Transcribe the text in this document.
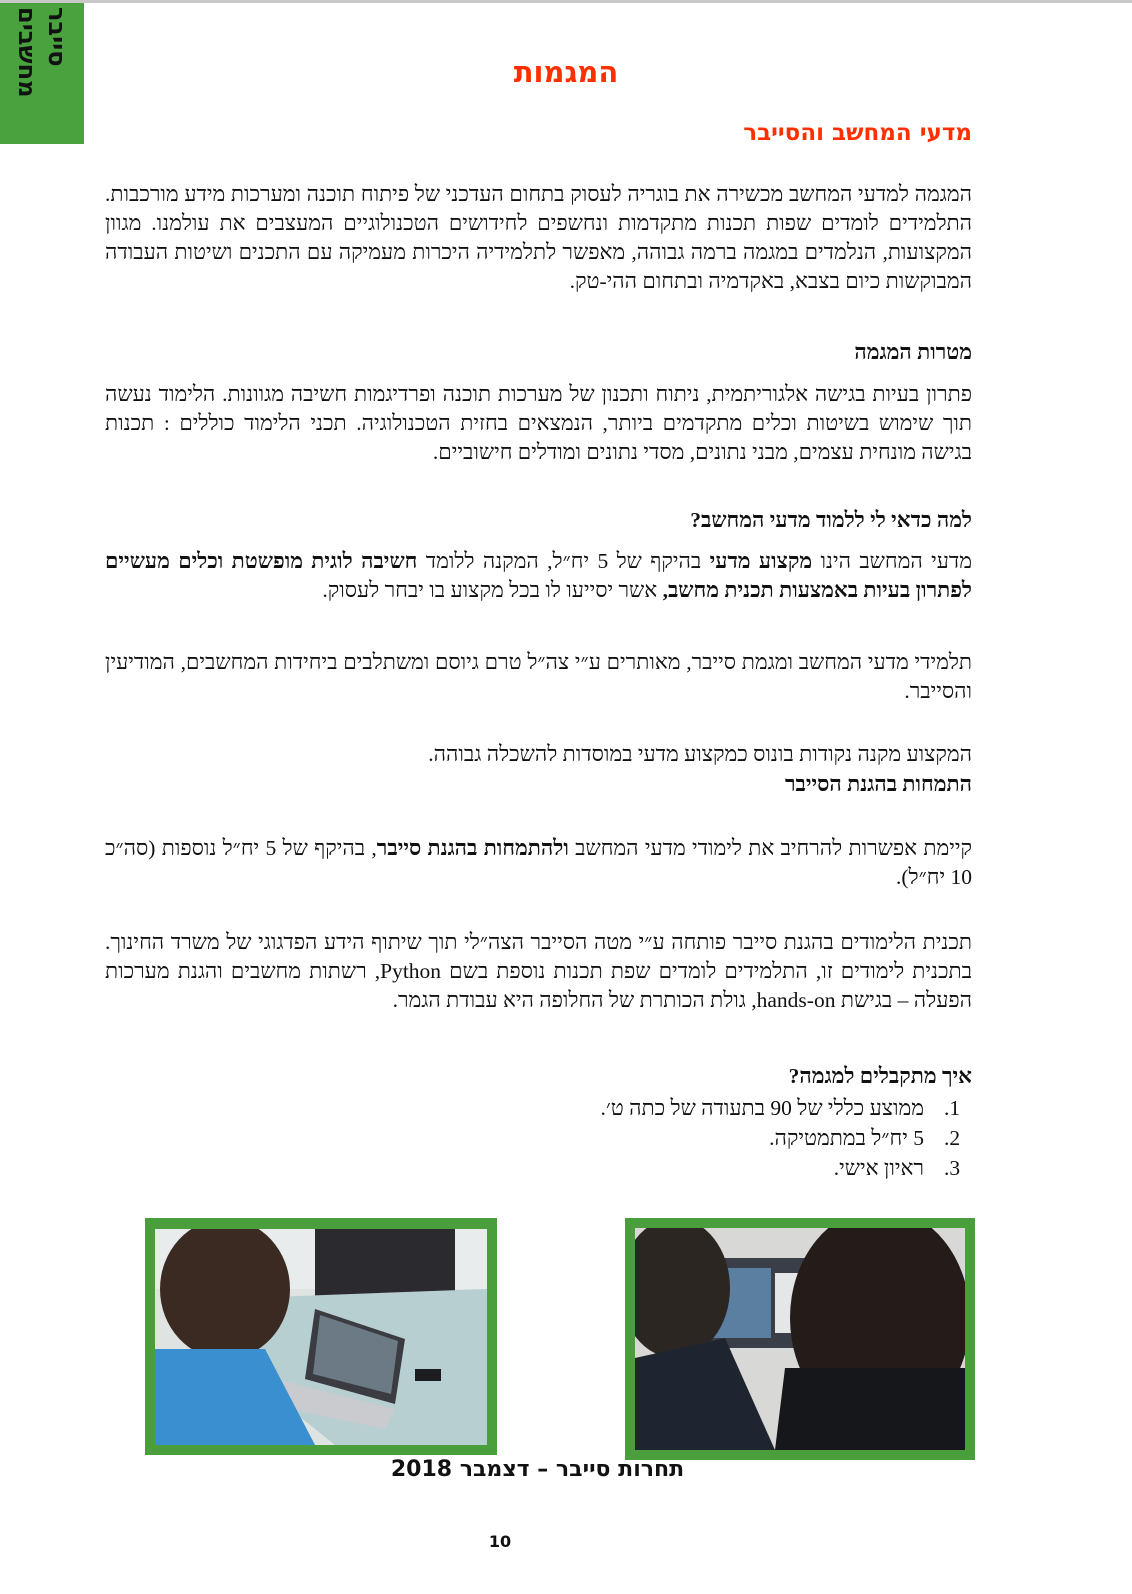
מחשבים סייבר
המגמות
מדעי המחשב והסייבר
המגמה למדעי המחשב מכשירה את בוגריה לעסוק בתחום העדכני של פיתוח תוכנה ומערכות מידע מורכבות. התלמידים לומדים שפות תכנות מתקדמות ונחשפים לחידושים הטכנולוגיים המעצבים את עולמנו. מגוון המקצועות, הנלמדים במגמה ברמה גבוהה, מאפשר לתלמידיה היכרות מעמיקה עם התכנים ושיטות העבודה המבוקשות כיום בצבא, באקדמיה ובתחום ההי-טק.
מטרות המגמה
פתרון בעיות בגישה אלגוריתמית, ניתוח ותכנון של מערכות תוכנה ופרדיגמות חשיבה מגוונות. הלימוד נעשה תוך שימוש בשיטות וכלים מתקדמים ביותר, הנמצאים בחזית הטכנולוגיה. תכני הלימוד כוללים : תכנות בגישה מונחית עצמים, מבני נתונים, מסדי נתונים ומודלים חישוביים.
למה כדאי לי ללמוד מדעי המחשב?
מדעי המחשב הינו מקצוע מדעי בהיקף של 5 יח״ל, המקנה ללומד חשיבה לוגית מופשטת וכלים מעשיים לפתרון בעיות באמצעות תכנית מחשב, אשר יסייעו לו בכל מקצוע בו יבחר לעסוק.
תלמידי מדעי המחשב ומגמת סייבר, מאותרים ע״י צה״ל טרם גיוסם ומשתלבים ביחידות המחשבים, המודיעין והסייבר.
המקצוע מקנה נקודות בונוס כמקצוע מדעי במוסדות להשכלה גבוהה.
התמחות בהגנת הסייבר
קיימת אפשרות להרחיב את לימודי מדעי המחשב ולהתמחות בהגנת סייבר, בהיקף של 5 יח״ל נוספות (סה״כ 10 יח״ל).
תכנית הלימודים בהגנת סייבר פותחה ע״י מטה הסייבר הצה״לי תוך שיתוף הידע הפדגוגי של משרד החינוך. בתכנית לימודים זו, התלמידים לומדים שפת תכנות נוספת בשם Python, רשתות מחשבים והגנת מערכות הפעלה – בגישת hands-on, גולת הכותרת של החלופה היא עבודת הגמר.
איך מתקבלים למגמה?
1.
ממוצע כללי של 90 בתעודה של כתה ט׳.
2.
5 יח״ל במתמטיקה.
3.
ראיון אישי.
תחרות סייבר – דצמבר 2018
10
